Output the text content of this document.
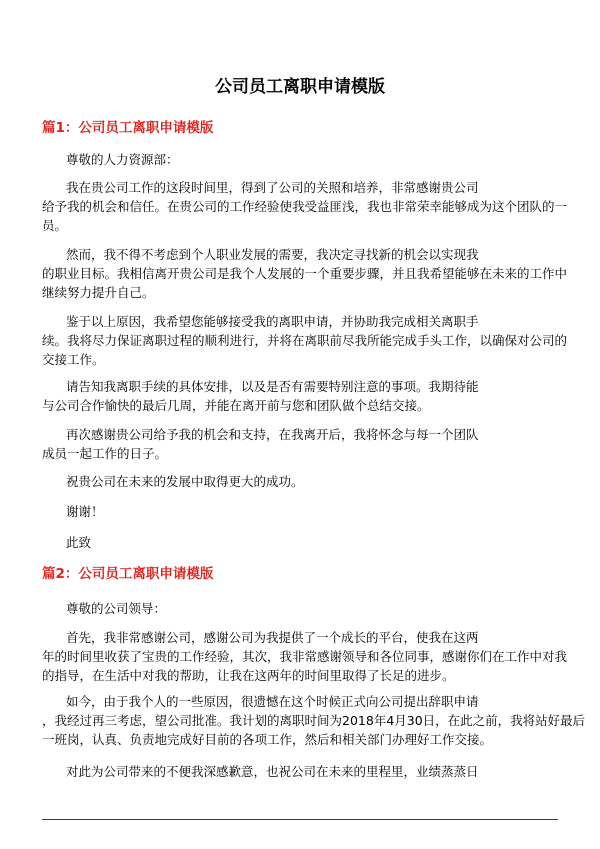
公司员工离职申请模版
篇1：公司员工离职申请模版

尊敬的人力资源部：

我在贵公司工作的这段时间里，得到了公司的关照和培养，非常感谢贵公司

给予我的机会和信任。在贵公司的工作经验使我受益匪浅，我也非常荣幸能够成为这个团队的一

员。

然而，我不得不考虑到个人职业发展的需要，我决定寻找新的机会以实现我

的职业目标。我相信离开贵公司是我个人发展的一个重要步骤，并且我希望能够在未来的工作中

继续努力提升自己。

鉴于以上原因，我希望您能够接受我的离职申请，并协助我完成相关离职手

续。我将尽力保证离职过程的顺利进行，并将在离职前尽我所能完成手头工作，以确保对公司的

交接工作。

请告知我离职手续的具体安排，以及是否有需要特别注意的事项。我期待能

与公司合作愉快的最后几周，并能在离开前与您和团队做个总结交接。

再次感谢贵公司给予我的机会和支持，在我离开后，我将怀念与每一个团队

成员一起工作的日子。

祝贵公司在未来的发展中取得更大的成功。

谢谢！

此致

篇2：公司员工离职申请模版

尊敬的公司领导：

首先，我非常感谢公司，感谢公司为我提供了一个成长的平台，使我在这两

年的时间里收获了宝贵的工作经验，其次，我非常感谢领导和各位同事，感谢你们在工作中对我

的指导，在生活中对我的帮助，让我在这两年的时间里取得了长足的进步。

如今，由于我个人的一些原因，很遗憾在这个时候正式向公司提出辞职申请

，我经过再三考虑，望公司批准。我计划的离职时间为2018年4月30日，在此之前，我将站好最后

一班岗，认真、负责地完成好目前的各项工作，然后和相关部门办理好工作交接。

对此为公司带来的不便我深感歉意，也祝公司在未来的里程里，业绩蒸蒸日
